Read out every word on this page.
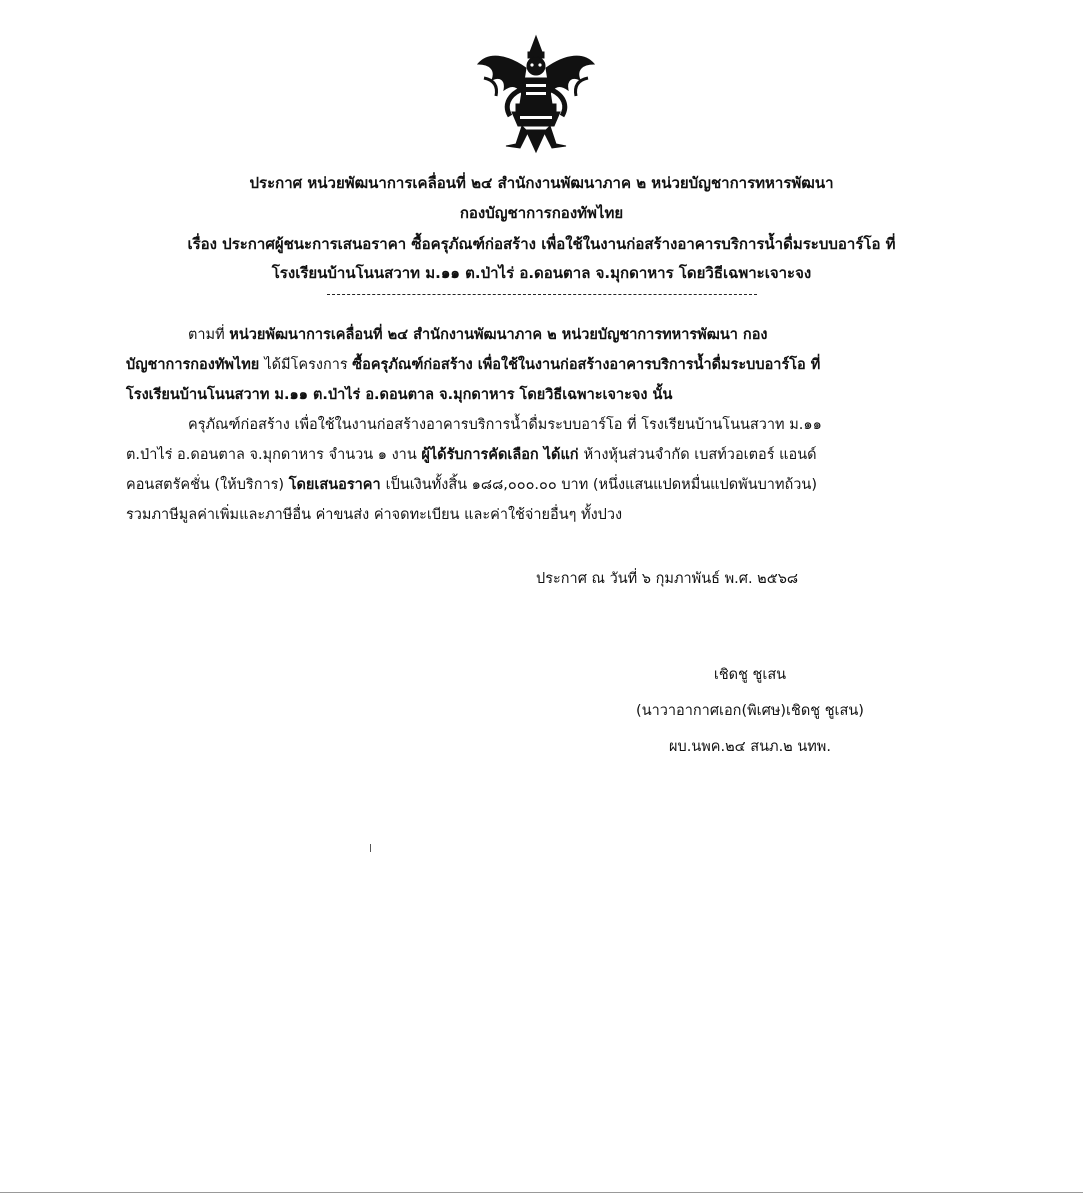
ประกาศ หน่วยพัฒนาการเคลื่อนที่ ๒๔ สำนักงานพัฒนาภาค ๒ หน่วยบัญชาการทหารพัฒนา
กองบัญชาการกองทัพไทย
เรื่อง ประกาศผู้ชนะการเสนอราคา ซื้อครุภัณฑ์ก่อสร้าง เพื่อใช้ในงานก่อสร้างอาคารบริการน้ำดื่มระบบอาร์โอ ที่
โรงเรียนบ้านโนนสวาท ม.๑๑ ต.ป่าไร่ อ.ดอนตาล จ.มุกดาหาร โดยวิธีเฉพาะเจาะจง
ตามที่ หน่วยพัฒนาการเคลื่อนที่ ๒๔ สำนักงานพัฒนาภาค ๒ หน่วยบัญชาการทหารพัฒนา กอง
บัญชาการกองทัพไทย ได้มีโครงการ ซื้อครุภัณฑ์ก่อสร้าง เพื่อใช้ในงานก่อสร้างอาคารบริการน้ำดื่มระบบอาร์โอ ที่
โรงเรียนบ้านโนนสวาท ม.๑๑ ต.ป่าไร่ อ.ดอนตาล จ.มุกดาหาร โดยวิธีเฉพาะเจาะจง นั้น
ครุภัณฑ์ก่อสร้าง เพื่อใช้ในงานก่อสร้างอาคารบริการน้ำดื่มระบบอาร์โอ ที่ โรงเรียนบ้านโนนสวาท ม.๑๑
ต.ป่าไร่ อ.ดอนตาล จ.มุกดาหาร จำนวน ๑ งาน ผู้ได้รับการคัดเลือก ได้แก่ ห้างหุ้นส่วนจำกัด เบสท์วอเตอร์ แอนด์
คอนสตรัคชั่น (ให้บริการ) โดยเสนอราคา เป็นเงินทั้งสิ้น ๑๘๘,๐๐๐.๐๐ บาท (หนึ่งแสนแปดหมื่นแปดพันบาทถ้วน)
รวมภาษีมูลค่าเพิ่มและภาษีอื่น ค่าขนส่ง ค่าจดทะเบียน และค่าใช้จ่ายอื่นๆ ทั้งปวง
ประกาศ ณ วันที่ ๖ กุมภาพันธ์ พ.ศ. ๒๕๖๘
เชิดชู ชูเสน
(นาวาอากาศเอก(พิเศษ)เชิดชู ชูเสน)
ผบ.นพค.๒๔ สนภ.๒ นทพ.
